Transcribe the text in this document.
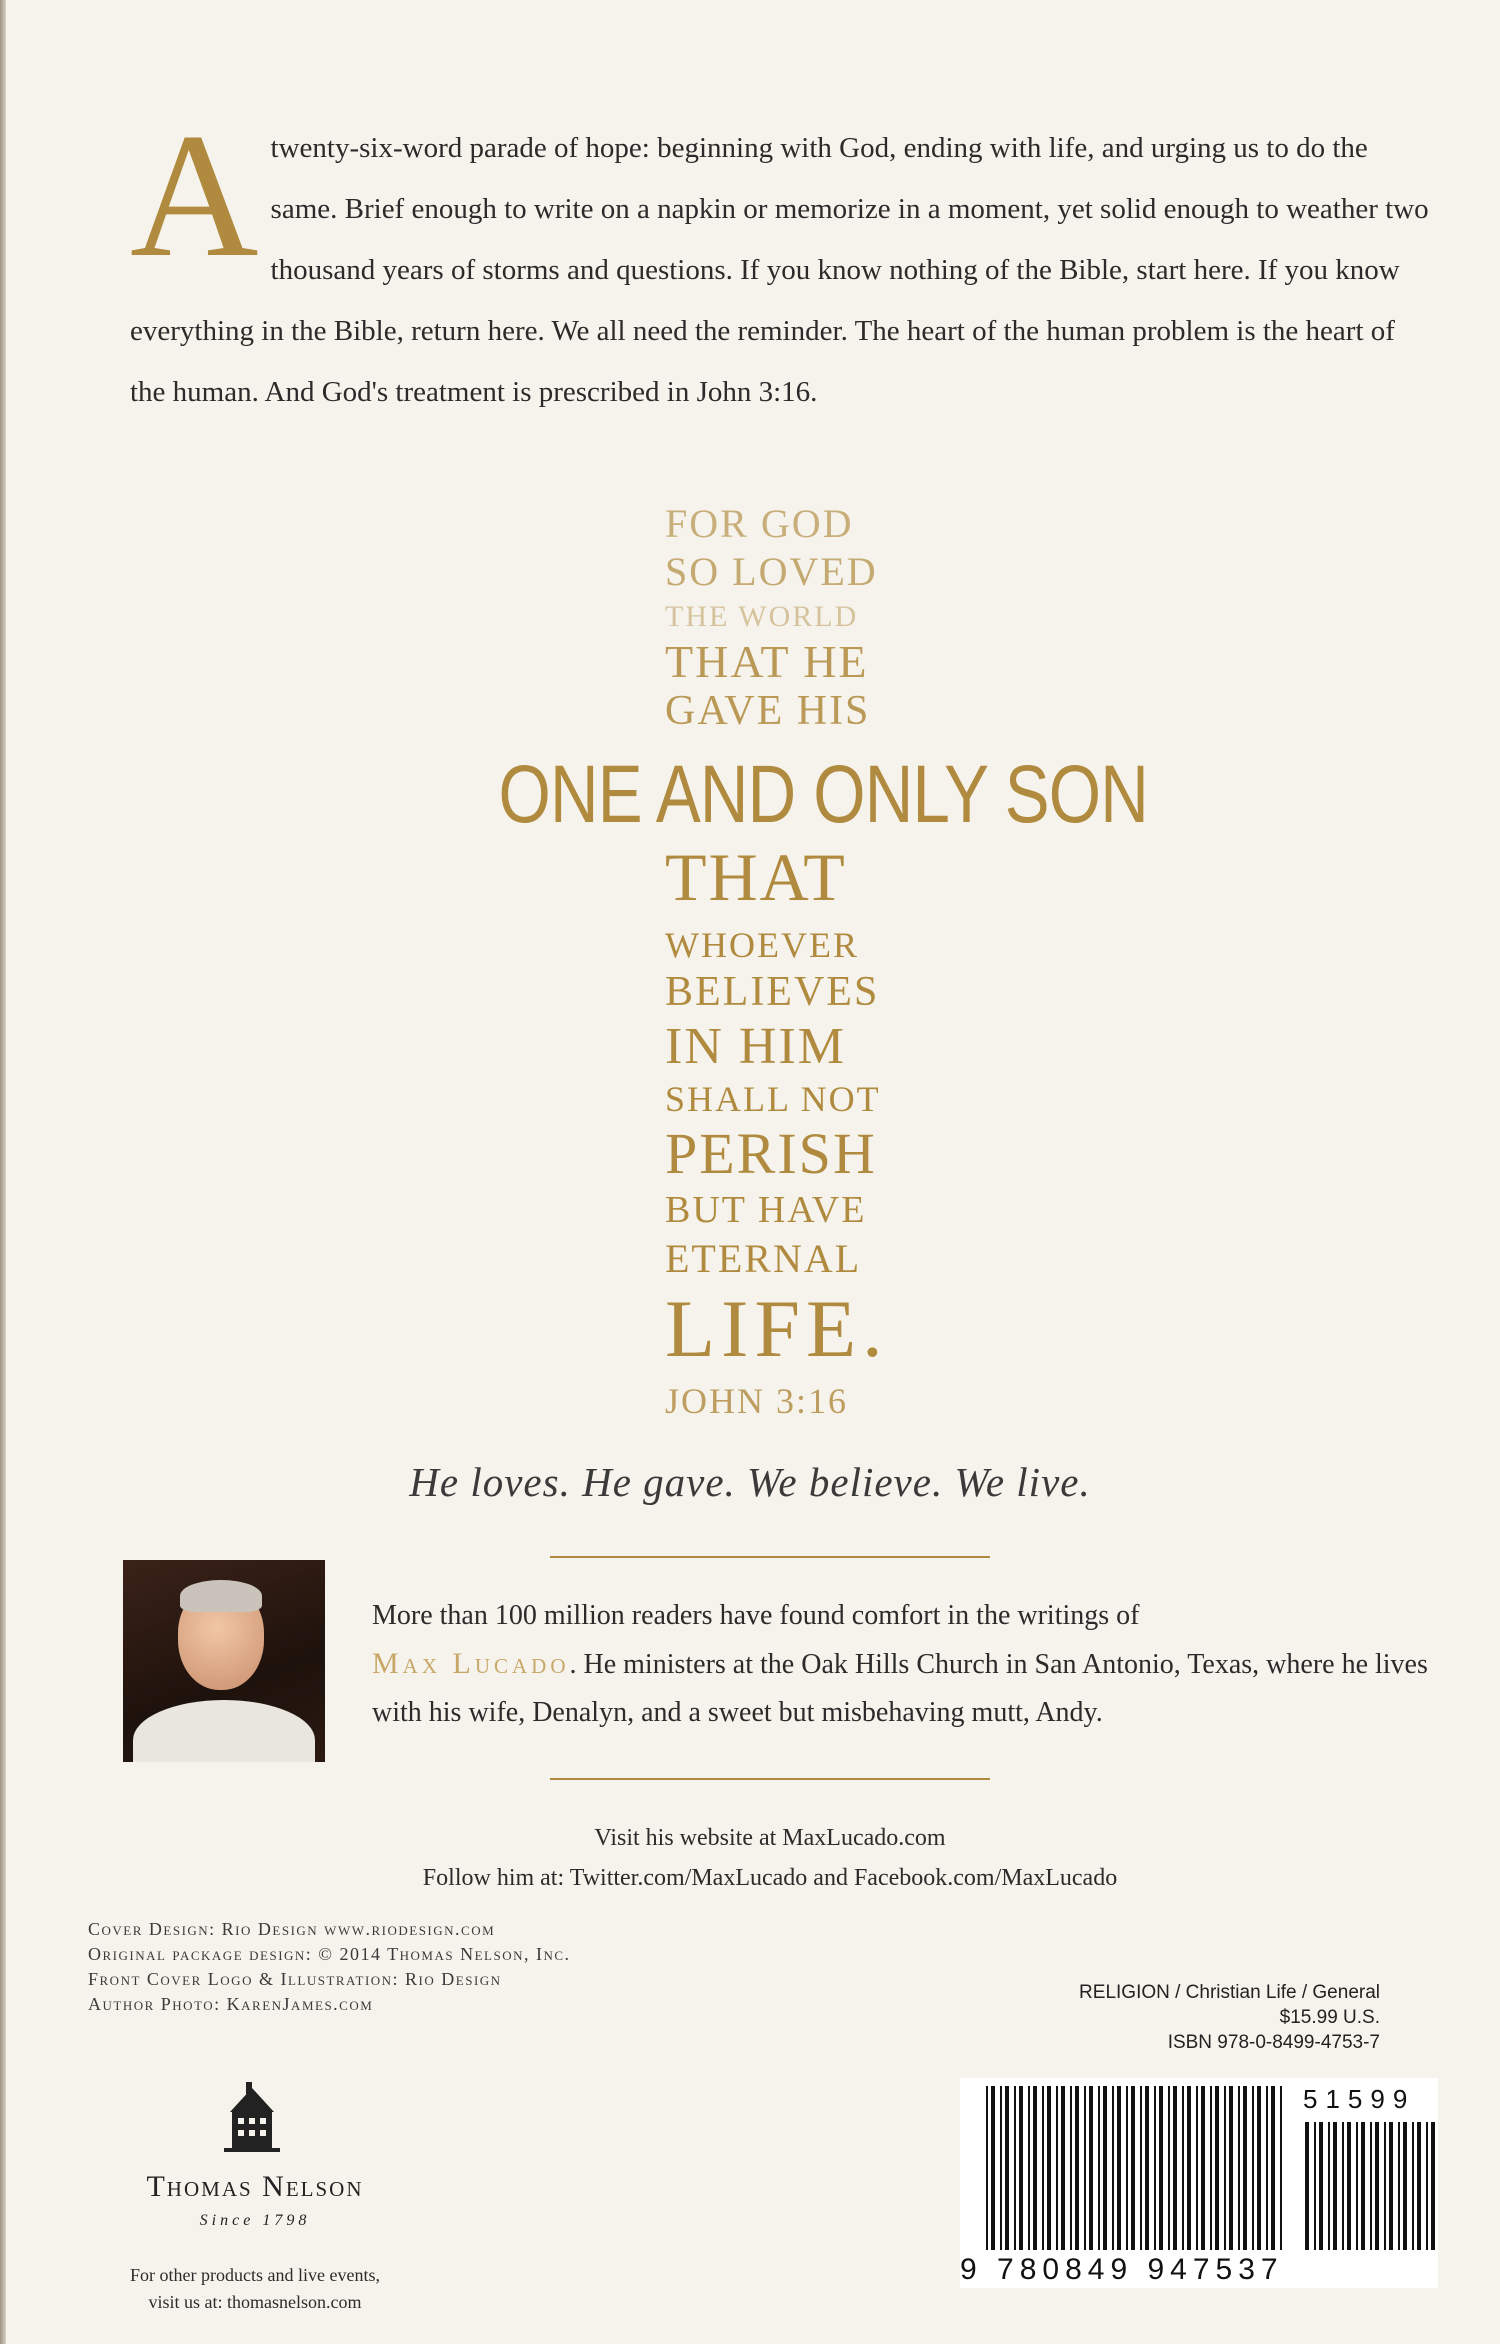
A twenty-six-word parade of hope: beginning with God, ending with life, and urging us to do the same. Brief enough to write on a napkin or memorize in a moment, yet solid enough to weather two thousand years of storms and questions. If you know nothing of the Bible, start here. If you know everything in the Bible, return here. We all need the reminder. The heart of the human problem is the heart of the human. And God's treatment is prescribed in John 3:16.
FOR GOD
SO LOVED
THE WORLD
THAT HE
GAVE HIS
ONE AND ONLY SON
THAT
WHOEVER
BELIEVES
IN HIM
SHALL NOT
PERISH
BUT HAVE
ETERNAL
LIFE.
JOHN 3:16
He loves. He gave. We believe. We live.
More than 100 million readers have found comfort in the writings of
Max Lucado. He ministers at the Oak Hills Church in San Antonio, Texas, where he lives with his wife, Denalyn, and a sweet but misbehaving mutt, Andy.
Visit his website at MaxLucado.com
Follow him at: Twitter.com/MaxLucado and Facebook.com/MaxLucado
Cover Design: Rio Design www.riodesign.com
Original package design: © 2014 Thomas Nelson, Inc.
Front Cover Logo & Illustration: Rio Design
Author Photo: KarenJames.com
Thomas Nelson
Since 1798
For other products and live events,
visit us at: thomasnelson.com
RELIGION / Christian Life / General
$15.99 U.S.
ISBN 978-0-8499-4753-7
51599
9 780849 947537
